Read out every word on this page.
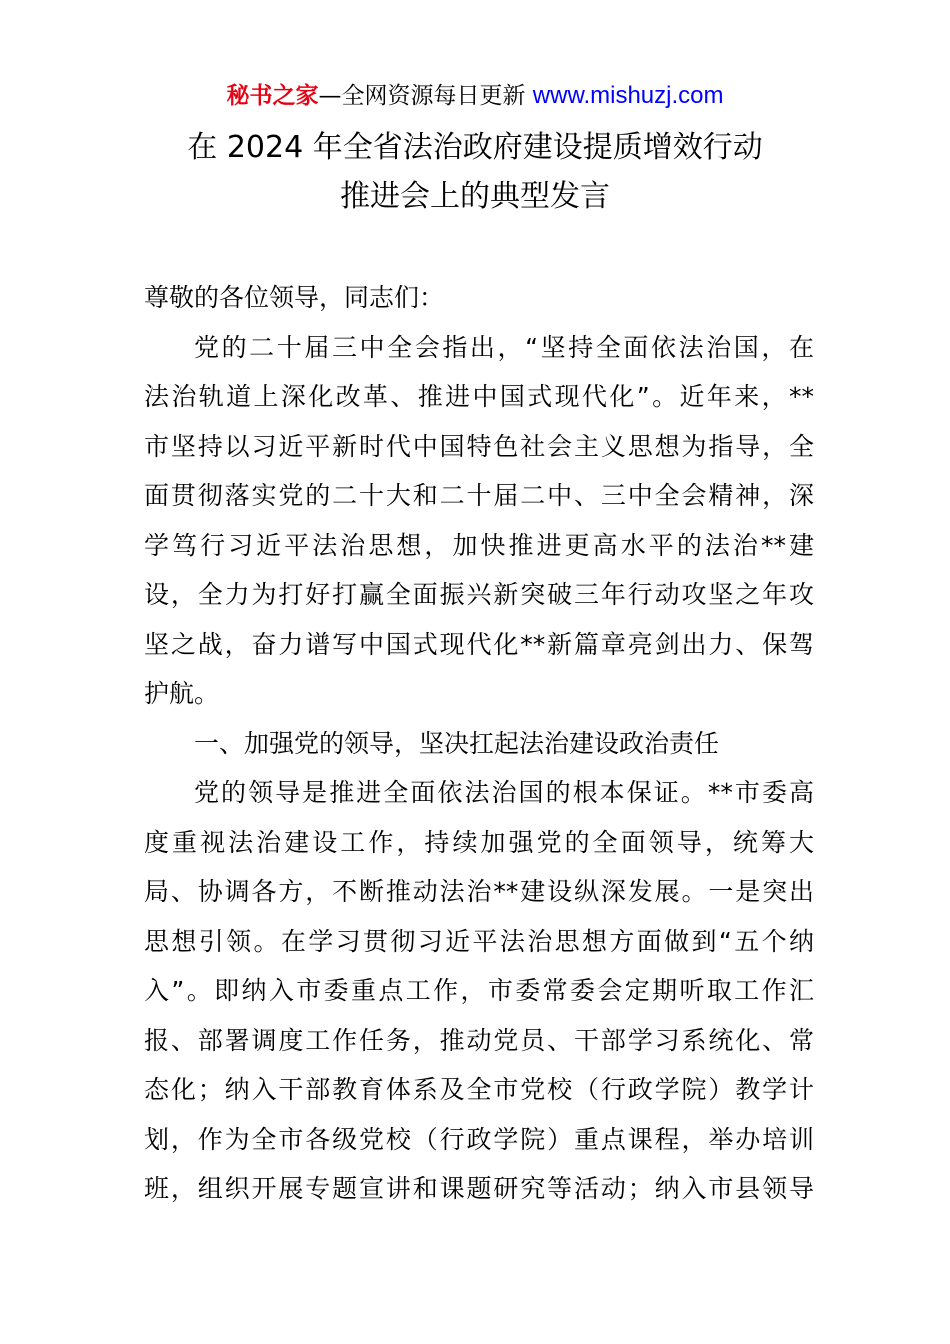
秘书之家—全网资源每日更新 www.mishuzj.com
在 2024 年全省法治政府建设提质增效行动
推进会上的典型发言
尊敬的各位领导，同志们：
党的二十届三中全会指出，“坚持全面依法治国，在
法治轨道上深化改革、推进中国式现代化”。近年来，**
市坚持以习近平新时代中国特色社会主义思想为指导，全
面贯彻落实党的二十大和二十届二中、三中全会精神，深
学笃行习近平法治思想，加快推进更高水平的法治**建
设，全力为打好打赢全面振兴新突破三年行动攻坚之年攻
坚之战，奋力谱写中国式现代化**新篇章亮剑出力、保驾
护航。
一、加强党的领导，坚决扛起法治建设政治责任
党的领导是推进全面依法治国的根本保证。**市委高
度重视法治建设工作，持续加强党的全面领导，统筹大
局、协调各方，不断推动法治**建设纵深发展。一是突出
思想引领。在学习贯彻习近平法治思想方面做到“五个纳
入”。即纳入市委重点工作，市委常委会定期听取工作汇
报、部署调度工作任务，推动党员、干部学习系统化、常
态化；纳入干部教育体系及全市党校（行政学院）教学计
划，作为全市各级党校（行政学院）重点课程，举办培训
班，组织开展专题宣讲和课题研究等活动；纳入市县领导
